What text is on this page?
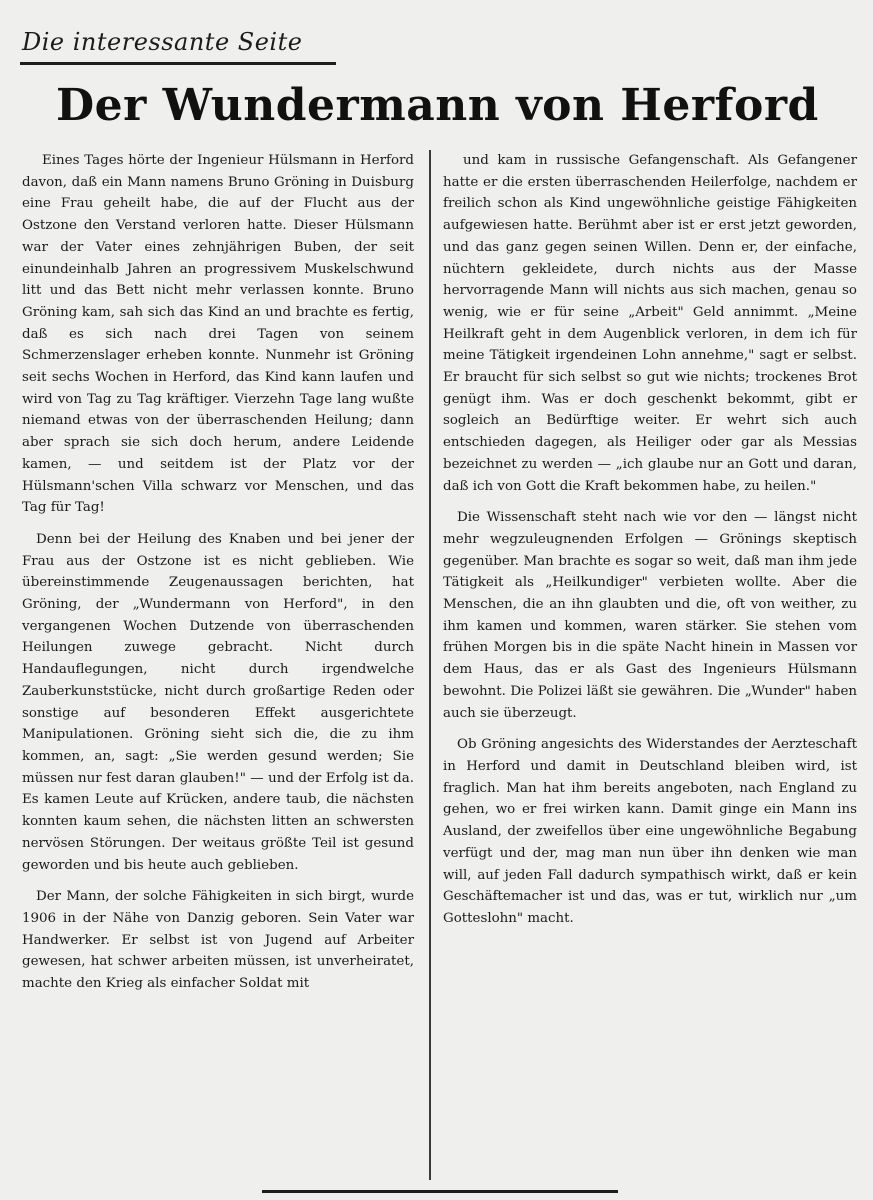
Die interessante Seite
Der Wundermann von Herford

Eines Tages hörte der Ingenieur Hülsmann in Herford davon, daß ein Mann namens Bruno Gröning in Duisburg eine Frau geheilt habe, die auf der Flucht aus der Ostzone den Verstand verloren hatte. Dieser Hülsmann war der Vater eines zehnjährigen Buben, der seit einundeinhalb Jahren an progressivem Muskelschwund litt und das Bett nicht mehr verlassen konnte. Bruno Gröning kam, sah sich das Kind an und brachte es fertig, daß es sich nach drei Tagen von seinem Schmerzenslager erheben konnte. Nunmehr ist Gröning seit sechs Wochen in Herford, das Kind kann laufen und wird von Tag zu Tag kräftiger. Vierzehn Tage lang wußte niemand etwas von der überraschenden Heilung; dann aber sprach sie sich doch herum, andere Leidende kamen, — und seitdem ist der Platz vor der Hülsmann'schen Villa schwarz vor Menschen, und das Tag für Tag!

Denn bei der Heilung des Knaben und bei jener der Frau aus der Ostzone ist es nicht geblieben. Wie übereinstimmende Zeugenaussagen berichten, hat Gröning, der „Wundermann von Herford", in den vergangenen Wochen Dutzende von überraschenden Heilungen zuwege gebracht. Nicht durch Handauflegungen, nicht durch irgendwelche Zauberkunststücke, nicht durch großartige Reden oder sonstige auf besonderen Effekt ausgerichtete Manipulationen. Gröning sieht sich die, die zu ihm kommen, an, sagt: „Sie werden gesund werden; Sie müssen nur fest daran glauben!" — und der Erfolg ist da. Es kamen Leute auf Krücken, andere taub, die nächsten konnten kaum sehen, die nächsten litten an schwersten nervösen Störungen. Der weitaus größte Teil ist gesund geworden und bis heute auch geblieben.

Der Mann, der solche Fähigkeiten in sich birgt, wurde 1906 in der Nähe von Danzig geboren. Sein Vater war Handwerker. Er selbst ist von Jugend auf Arbeiter gewesen, hat schwer arbeiten müssen, ist unverheiratet, machte den Krieg als einfacher Soldat mit

und kam in russische Gefangenschaft. Als Gefangener hatte er die ersten überraschenden Heilerfolge, nachdem er freilich schon als Kind ungewöhnliche geistige Fähigkeiten aufgewiesen hatte. Berühmt aber ist er erst jetzt geworden, und das ganz gegen seinen Willen. Denn er, der einfache, nüchtern gekleidete, durch nichts aus der Masse hervorragende Mann will nichts aus sich machen, genau so wenig, wie er für seine „Arbeit" Geld annimmt. „Meine Heilkraft geht in dem Augenblick verloren, in dem ich für meine Tätigkeit irgendeinen Lohn annehme," sagt er selbst. Er braucht für sich selbst so gut wie nichts; trockenes Brot genügt ihm. Was er doch geschenkt bekommt, gibt er sogleich an Bedürftige weiter. Er wehrt sich auch entschieden dagegen, als Heiliger oder gar als Messias bezeichnet zu werden — „ich glaube nur an Gott und daran, daß ich von Gott die Kraft bekommen habe, zu heilen."

Die Wissenschaft steht nach wie vor den — längst nicht mehr wegzuleugnenden Erfolgen — Grönings skeptisch gegenüber. Man brachte es sogar so weit, daß man ihm jede Tätigkeit als „Heilkundiger" verbieten wollte. Aber die Menschen, die an ihn glaubten und die, oft von weither, zu ihm kamen und kommen, waren stärker. Sie stehen vom frühen Morgen bis in die späte Nacht hinein in Massen vor dem Haus, das er als Gast des Ingenieurs Hülsmann bewohnt. Die Polizei läßt sie gewähren. Die „Wunder" haben auch sie überzeugt.

Ob Gröning angesichts des Widerstandes der Aerzteschaft in Herford und damit in Deutschland bleiben wird, ist fraglich. Man hat ihm bereits angeboten, nach England zu gehen, wo er frei wirken kann. Damit ginge ein Mann ins Ausland, der zweifellos über eine ungewöhnliche Begabung verfügt und der, mag man nun über ihn denken wie man will, auf jeden Fall dadurch sympathisch wirkt, daß er kein Geschäftemacher ist und das, was er tut, wirklich nur „um Gotteslohn" macht.
